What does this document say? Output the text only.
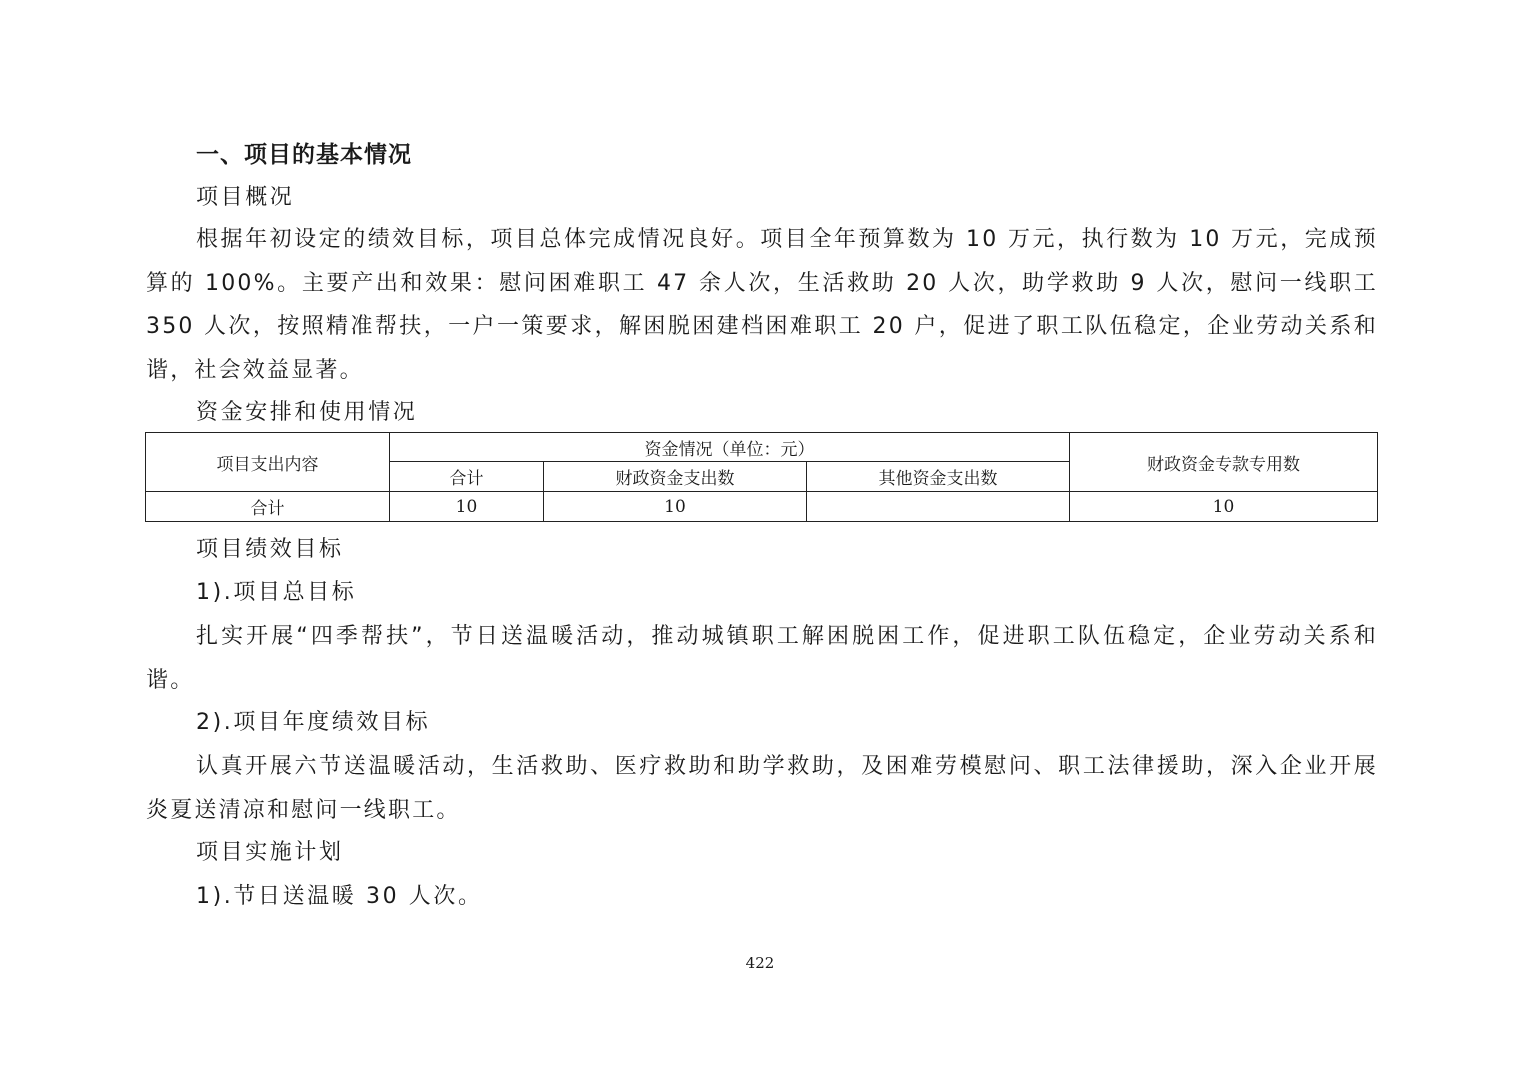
一、项目的基本情况
项目概况
根据年初设定的绩效目标，项目总体完成情况良好。项目全年预算数为 10 万元，执行数为 10 万元，完成预算的 100%。主要产出和效果：慰问困难职工 47 余人次，生活救助 20 人次，助学救助 9 人次，慰问一线职工 350 人次，按照精准帮扶，一户一策要求，解困脱困建档困难职工 20 户，促进了职工队伍稳定，企业劳动关系和谐，社会效益显著。
资金安排和使用情况
项目支出内容	资金情况（单位：元）			财政资金专款专用数
	合计	财政资金支出数	其他资金支出数	
合计	10	10		10
项目绩效目标
1).项目总目标
扎实开展“四季帮扶”，节日送温暖活动，推动城镇职工解困脱困工作，促进职工队伍稳定，企业劳动关系和谐。
2).项目年度绩效目标
认真开展六节送温暖活动，生活救助、医疗救助和助学救助，及困难劳模慰问、职工法律援助，深入企业开展炎夏送清凉和慰问一线职工。
项目实施计划
1).节日送温暖 30 人次。
422
